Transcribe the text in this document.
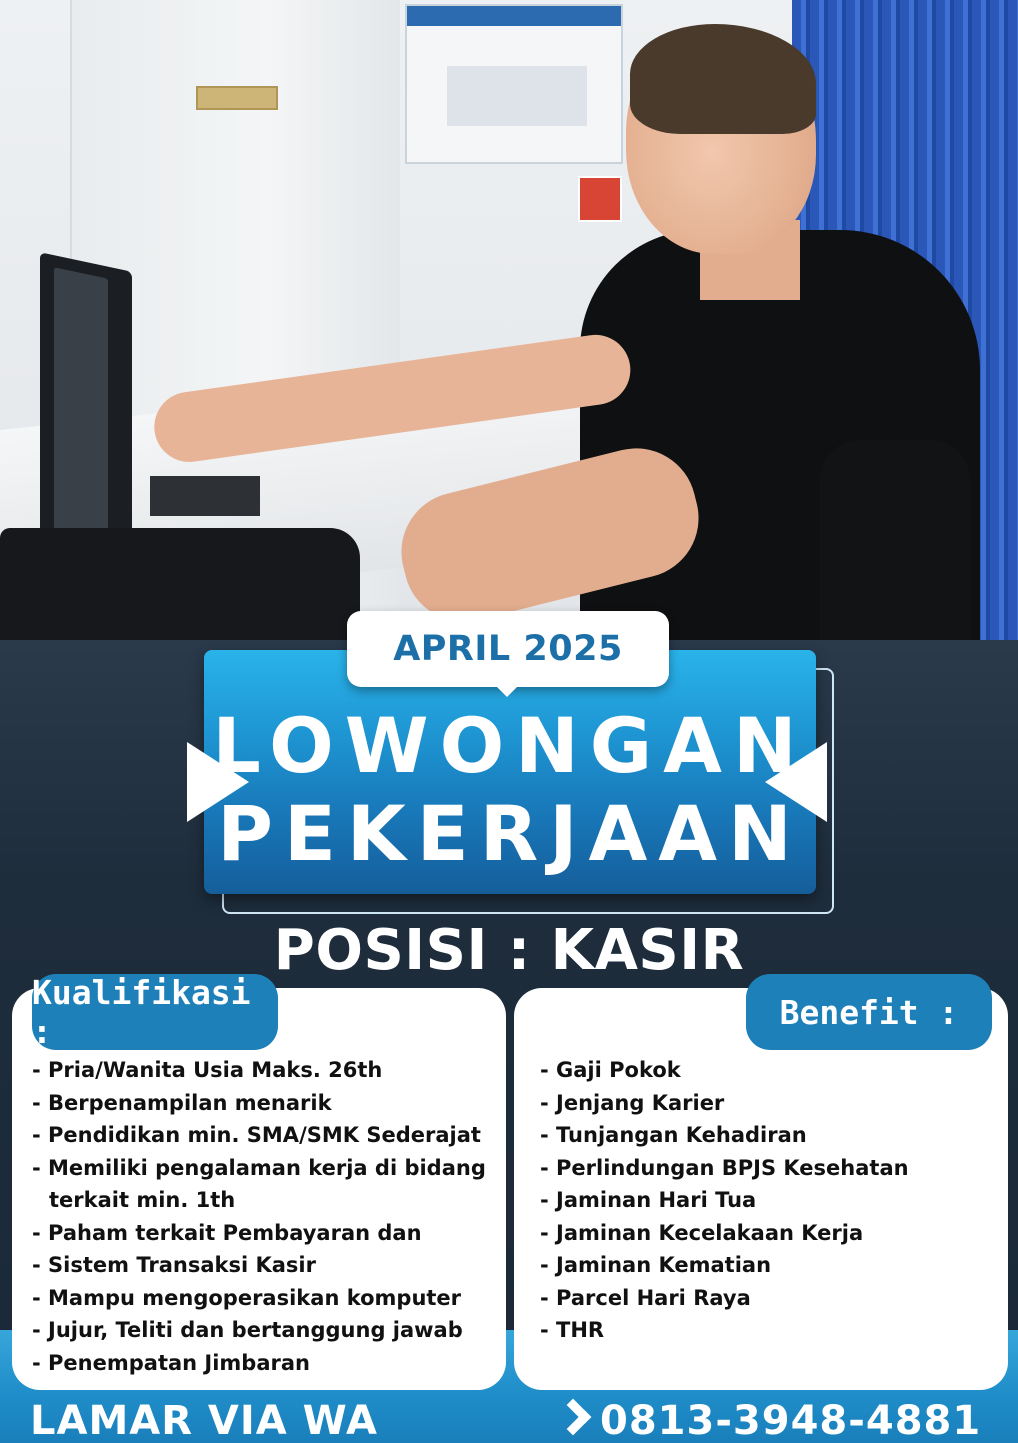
LOWONGAN
PEKERJAAN
APRIL 2025
POSISI : KASIR
Kualifikasi :	Benefit :
- Pria/Wanita Usia Maks. 26th
- Berpenampilan menarik
- Pendidikan min. SMA/SMK Sederajat
- Memiliki pengalaman kerja di bidang terkait min. 1th
- Paham terkait Pembayaran dan
- Sistem Transaksi Kasir
- Mampu mengoperasikan komputer
- Jujur, Teliti dan bertanggung jawab
- Penempatan Jimbaran
- Gaji Pokok
- Jenjang Karier
- Tunjangan Kehadiran
- Perlindungan BPJS Kesehatan
- Jaminan Hari Tua
- Jaminan Kecelakaan Kerja
- Jaminan Kematian
- Parcel Hari Raya
- THR
LAMAR VIA WA	0813-3948-4881
